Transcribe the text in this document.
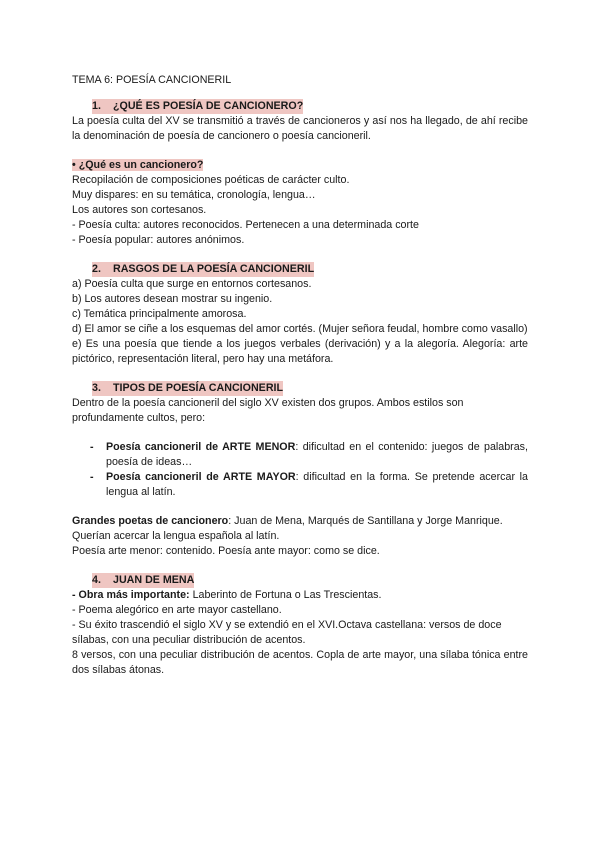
TEMA 6: POESÍA CANCIONERIL

1.	¿QUÉ ES POESÍA DE CANCIONERO?

La poesía culta del XV se transmitió a través de cancioneros y así nos ha llegado, de ahí recibe la denominación de poesía de cancionero o poesía cancioneril.

• ¿Qué es un cancionero?

Recopilación de composiciones poéticas de carácter culto.

Muy dispares: en su temática, cronología, lengua…

Los autores son cortesanos.

- Poesía culta: autores reconocidos. Pertenecen a una determinada corte

- Poesía popular: autores anónimos.

2.	RASGOS DE LA POESÍA CANCIONERIL

a) Poesía culta que surge en entornos cortesanos.

b) Los autores desean mostrar su ingenio.

c) Temática principalmente amorosa.

d) El amor se ciñe a los esquemas del amor cortés. (Mujer señora feudal, hombre como vasallo)

e) Es una poesía que tiende a los juegos verbales (derivación) y a la alegoría. Alegoría: arte pictórico, representación literal, pero hay una metáfora.

3.	TIPOS DE POESÍA CANCIONERIL

Dentro de la poesía cancioneril del siglo XV existen dos grupos. Ambos estilos son profundamente cultos, pero:

- Poesía cancioneril de ARTE MENOR: dificultad en el contenido: juegos de palabras, poesía de ideas…
- Poesía cancioneril de ARTE MAYOR: dificultad en la forma. Se pretende acercar la lengua al latín.

Grandes poetas de cancionero: Juan de Mena, Marqués de Santillana y Jorge Manrique.

Querían acercar la lengua española al latín.

Poesía arte menor: contenido. Poesía ante mayor: como se dice.

4.	JUAN DE MENA

- Obra más importante: Laberinto de Fortuna o Las Trescientas.

- Poema alegórico en arte mayor castellano.

- Su éxito trascendió el siglo XV y se extendió en el XVI.Octava castellana: versos de doce sílabas, con una peculiar distribución de acentos.

8 versos, con una peculiar distribución de acentos. Copla de arte mayor, una sílaba tónica entre dos sílabas átonas.
